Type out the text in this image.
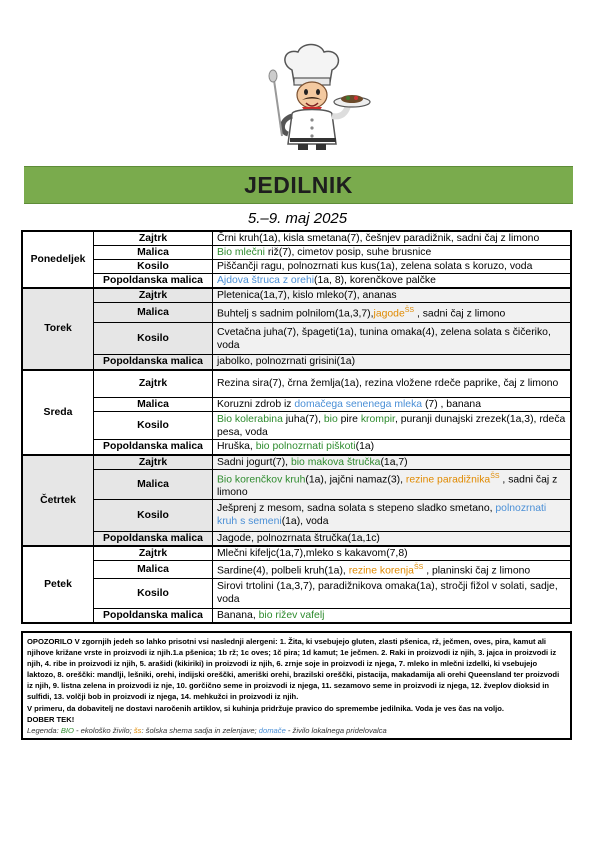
JEDILNIK
5.–9. maj 2025
Ponedeljek	Zajtrk	Črni kruh(1a), kisla smetana(7), češnjev paradižnik, sadni čaj z limono
	Malica	Bio mlečni riž(7), cimetov posip, suhe brusnice
	Kosilo	Piščančji ragu, polnozrnati kus kus(1a), zelena solata s koruzo, voda
	Popoldanska malica	Ajdova štruca z orehi(1a, 8), korenčkove palčke
Torek	Zajtrk	Pletenica(1a,7), kislo mleko(7), ananas
	Malica	Buhtelj s sadnim polnilom(1a,3,7),jagode$^{ŠS}$ , sadni čaj z limono
	Kosilo	Cvetačna juha(7), špageti(1a), tunina omaka(4), zelena solata s čičeriko, voda
	Popoldanska malica	jabolko, polnozrnati grisini(1a)
Sreda	Zajtrk	Rezina sira(7), črna žemlja(1a), rezina vložene rdeče paprike, čaj z limono
	Malica	Koruzni zdrob iz domačega senenega mleka (7) , banana
	Kosilo	Bio kolerabina juha(7), bio pire krompir, puranji dunajski zrezek(1a,3), rdeča pesa, voda
	Popoldanska malica	Hruška, bio polnozrnati piškoti(1a)
Četrtek	Zajtrk	Sadni jogurt(7), bio makova štručka(1a,7)
	Malica	Bio korenčkov kruh(1a), jajčni namaz(3), rezine paradižnika$^{ŠS}$ , sadni čaj z limono
	Kosilo	Ješprenj z mesom, sadna solata s stepeno sladko smetano, polnozrnati kruh s semeni(1a), voda
	Popoldanska malica	Jagode, polnozrnata štručka(1a,1c)
Petek	Zajtrk	Mlečni kifeljc(1a,7),mleko s kakavom(7,8)
	Malica	Sardine(4), polbeli kruh(1a), rezine korenja$^{ŠS}$ , planinski čaj z limono
	Kosilo	Sirovi trtolini (1a,3,7), paradižnikova omaka(1a), stročji fižol v solati, sadje, voda
	Popoldanska malica	Banana, bio rižev vafelj
OPOZORILO V zgornjih jedeh so lahko prisotni vsi naslednji alergeni: 1. Žita, ki vsebujejo gluten, zlasti pšenica, rž, ječmen, oves, pira, kamut ali njihove križane vrste in proizvodi iz njih.1.a pšenica; 1b rž; 1c oves; 1č pira; 1d kamut; 1e ječmen. 2. Raki in proizvodi iz njih, 3. jajca in proizvodi iz njih, 4. ribe in proizvodi iz njih, 5. arašidi (kikiriki) in proizvodi iz njih, 6. zrnje soje in proizvodi iz njega, 7. mleko in mlečni izdelki, ki vsebujejo laktozo, 8. oreščki: mandlji, lešniki, orehi, indijski oreščki, ameriški orehi, brazilski oreščki, pistacija, makadamija ali orehi Queensland ter proizvodi iz njih, 9. listna zelena in proizvodi iz nje, 10. gorčično seme in proizvodi iz njega, 11. sezamovo seme in proizvodi iz njega, 12. žveplov dioksid in sulfidi, 13. volčji bob in proizvodi iz njega, 14. mehkužci in proizvodi iz njih.
V primeru, da dobavitelj ne dostavi naročenih artiklov, si kuhinja pridržuje pravico do spremembe jedilnika. Voda je ves čas na voljo.
DOBER TEK!
Legenda: BIO - ekološko živilo; šs: šolska shema sadja in zelenjave; domače - živilo lokalnega pridelovalca
